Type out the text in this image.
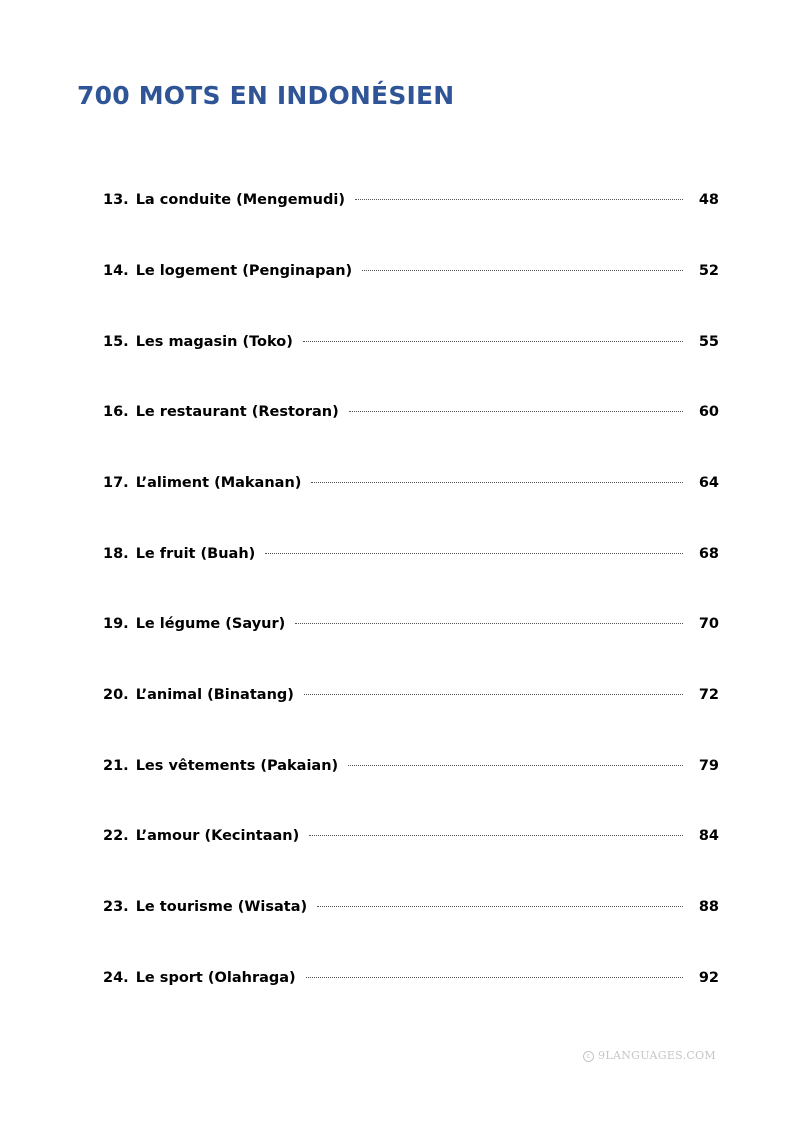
700 MOTS EN INDONÉSIEN
13. La conduite (Mengemudi)	48
14. Le logement (Penginapan)	52
15. Les magasin (Toko)	55
16. Le restaurant (Restoran)	60
17. L’aliment (Makanan)	64
18. Le fruit (Buah)	68
19. Le légume (Sayur)	70
20. L’animal (Binatang)	72
21. Les vêtements (Pakaian)	79
22. L’amour (Kecintaan)	84
23. Le tourisme (Wisata)	88
24. Le sport (Olahraga)	92
c 9LANGUAGES.COM
